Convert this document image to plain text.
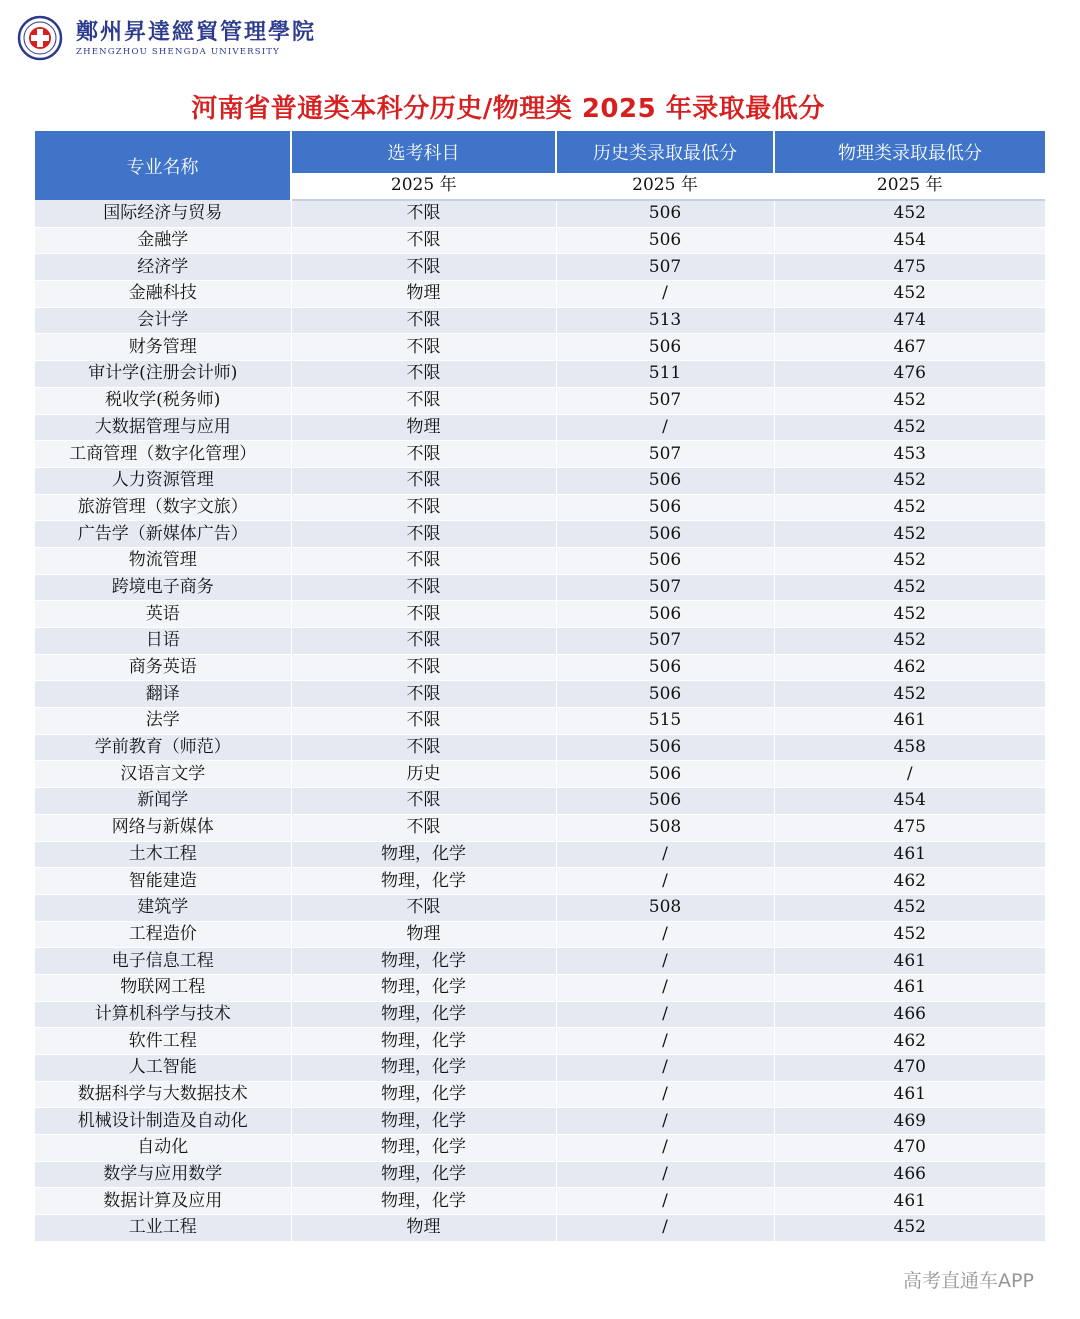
鄭州昇達經貿管理學院
ZHENGZHOU SHENGDA UNIVERSITY
河南省普通类本科分历史/物理类 2025 年录取最低分
专业名称	选考科目	历史类录取最低分	物理类录取最低分
	2025 年	2025 年	2025 年
国际经济与贸易	不限	506	452
金融学	不限	506	454
经济学	不限	507	475
金融科技	物理	/	452
会计学	不限	513	474
财务管理	不限	506	467
审计学(注册会计师)	不限	511	476
税收学(税务师)	不限	507	452
大数据管理与应用	物理	/	452
工商管理（数字化管理）	不限	507	453
人力资源管理	不限	506	452
旅游管理（数字文旅）	不限	506	452
广告学（新媒体广告）	不限	506	452
物流管理	不限	506	452
跨境电子商务	不限	507	452
英语	不限	506	452
日语	不限	507	452
商务英语	不限	506	462
翻译	不限	506	452
法学	不限	515	461
学前教育（师范）	不限	506	458
汉语言文学	历史	506	/
新闻学	不限	506	454
网络与新媒体	不限	508	475
土木工程	物理，化学	/	461
智能建造	物理，化学	/	462
建筑学	不限	508	452
工程造价	物理	/	452
电子信息工程	物理，化学	/	461
物联网工程	物理，化学	/	461
计算机科学与技术	物理，化学	/	466
软件工程	物理，化学	/	462
人工智能	物理，化学	/	470
数据科学与大数据技术	物理，化学	/	461
机械设计制造及自动化	物理，化学	/	469
自动化	物理，化学	/	470
数学与应用数学	物理，化学	/	466
数据计算及应用	物理，化学	/	461
工业工程	物理	/	452
高考直通车APP
